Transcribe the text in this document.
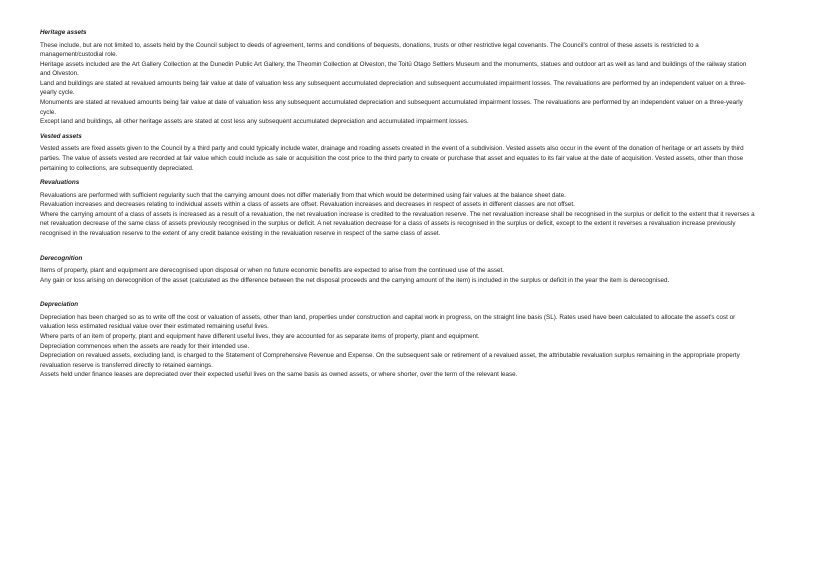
Heritage assets

These include, but are not limited to, assets held by the Council subject to deeds of agreement, terms and conditions of bequests, donations, trusts or other restrictive legal covenants. The Council's control of these assets is restricted to a management/custodial role.

Heritage assets included are the Art Gallery Collection at the Dunedin Public Art Gallery, the Theomin Collection at Olveston, the Toitū Otago Settlers Museum and the monuments, statues and outdoor art as well as land and buildings of the railway station and Olveston.

Land and buildings are stated at revalued amounts being fair value at date of valuation less any subsequent accumulated depreciation and subsequent accumulated impairment losses. The revaluations are performed by an independent valuer on a three-yearly cycle.

Monuments are stated at revalued amounts being fair value at date of valuation less any subsequent accumulated depreciation and subsequent accumulated impairment losses. The revaluations are performed by an independent valuer on a three-yearly cycle.

Except land and buildings, all other heritage assets are stated at cost less any subsequent accumulated depreciation and accumulated impairment losses.

Vested assets

Vested assets are fixed assets given to the Council by a third party and could typically include water, drainage and roading assets created in the event of a subdivision. Vested assets also occur in the event of the donation of heritage or art assets by third parties. The value of assets vested are recorded at fair value which could include as sale or acquisition the cost price to the third party to create or purchase that asset and equates to its fair value at the date of acquisition. Vested assets, other than those pertaining to collections, are subsequently depreciated.

Revaluations

Revaluations are performed with sufficient regularity such that the carrying amount does not differ materially from that which would be determined using fair values at the balance sheet date.

Revaluation increases and decreases relating to individual assets within a class of assets are offset. Revaluation increases and decreases in respect of assets in different classes are not offset.

Where the carrying amount of a class of assets is increased as a result of a revaluation, the net revaluation increase is credited to the revaluation reserve. The net revaluation increase shall be recognised in the surplus or deficit to the extent that it reverses a net revaluation decrease of the same class of assets previously recognised in the surplus or deficit. A net revaluation decrease for a class of assets is recognised in the surplus or deficit, except to the extent it reverses a revaluation increase previously recognised in the revaluation reserve to the extent of any credit balance existing in the revaluation reserve in respect of the same class of asset.

Derecognition

Items of property, plant and equipment are derecognised upon disposal or when no future economic benefits are expected to arise from the continued use of the asset.

Any gain or loss arising on derecognition of the asset (calculated as the difference between the net disposal proceeds and the carrying amount of the item) is included in the surplus or deficit in the year the item is derecognised.

Depreciation

Depreciation has been charged so as to write off the cost or valuation of assets, other than land, properties under construction and capital work in progress, on the straight line basis (SL). Rates used have been calculated to allocate the asset's cost or valuation less estimated residual value over their estimated remaining useful lives.

Where parts of an item of property, plant and equipment have different useful lives, they are accounted for as separate items of property, plant and equipment.

Depreciation commences when the assets are ready for their intended use.

Depreciation on revalued assets, excluding land, is charged to the Statement of Comprehensive Revenue and Expense. On the subsequent sale or retirement of a revalued asset, the attributable revaluation surplus remaining in the appropriate property revaluation reserve is transferred directly to retained earnings.

Assets held under finance leases are depreciated over their expected useful lives on the same basis as owned assets, or where shorter, over the term of the relevant lease.
